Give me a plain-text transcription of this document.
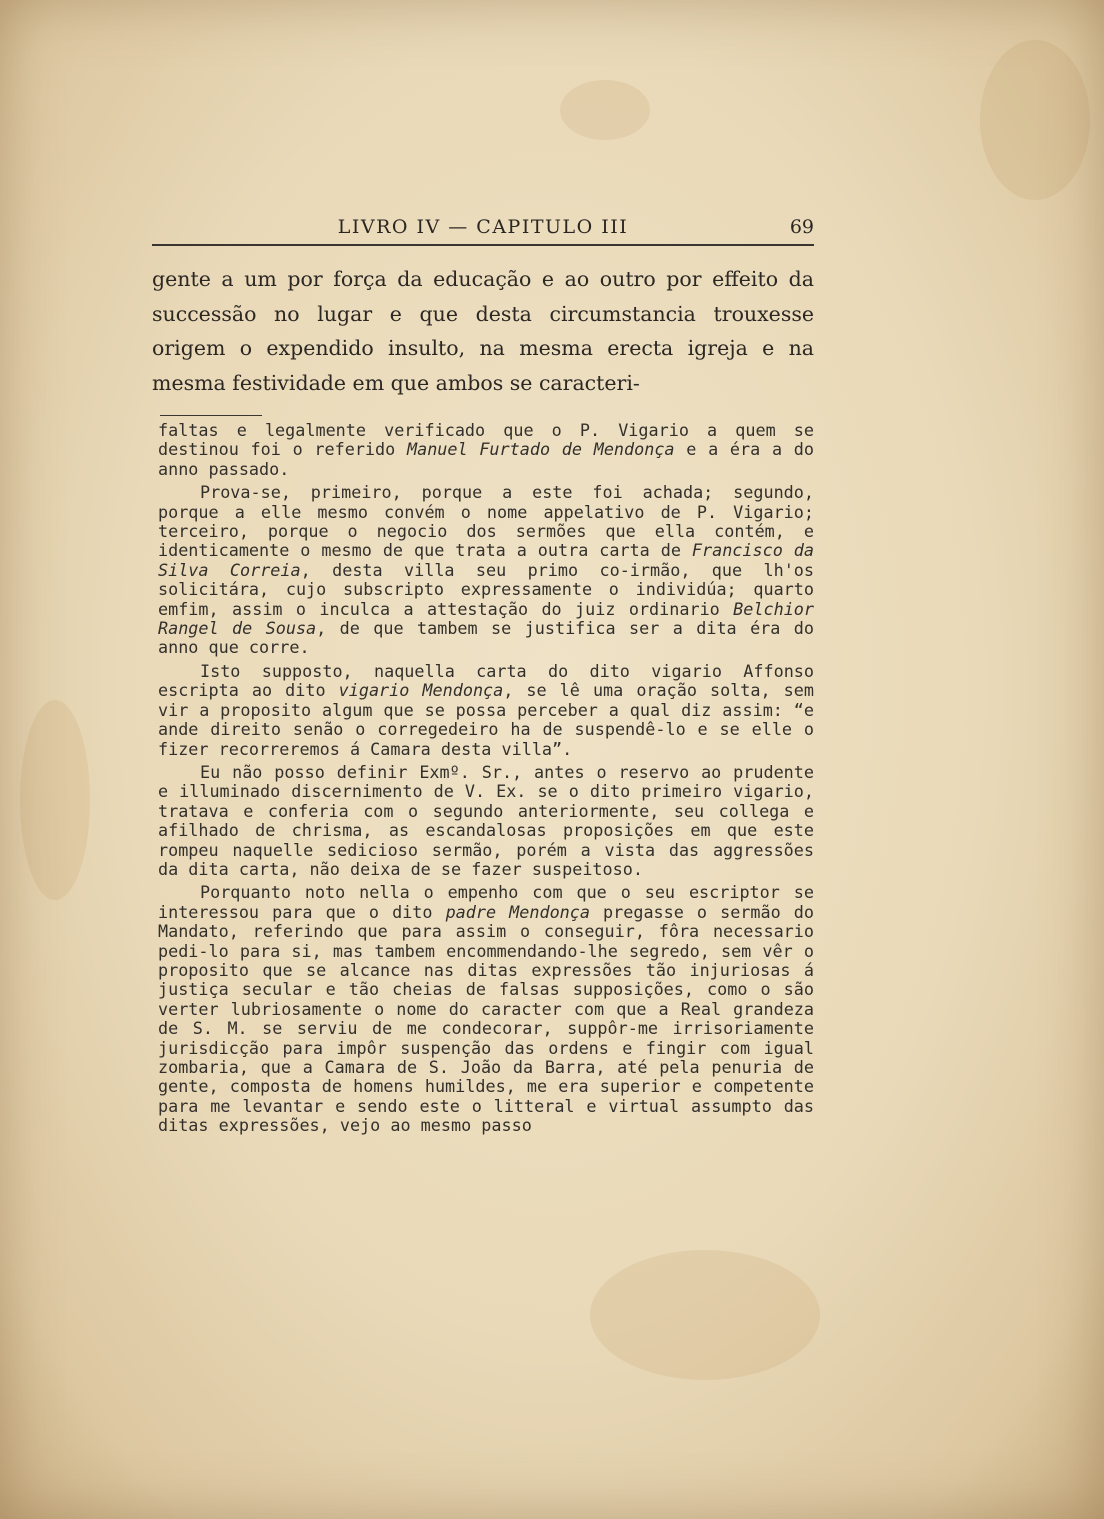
LIVRO IV — CAPITULO III	69

gente a um por força da educação e ao outro por effeito da successão no lugar e que desta circumstancia trouxesse origem o expendido insulto, na mesma erecta igreja e na mesma festividade em que ambos se caracteri-

faltas e legalmente verificado que o P. Vigario a quem se destinou foi o referido Manuel Furtado de Mendonça e a éra a do anno passado.

Prova-se, primeiro, porque a este foi achada; segundo, porque a elle mesmo convém o nome appelativo de P. Vigario; terceiro, porque o negocio dos sermões que ella contém, e identicamente o mesmo de que trata a outra carta de Francisco da Silva Correia, desta villa seu primo co-irmão, que lh'os solicitára, cujo subscripto expressamente o individúa; quarto emfim, assim o inculca a attestação do juiz ordinario Belchior Rangel de Sousa, de que tambem se justifica ser a dita éra do anno que corre.

Isto supposto, naquella carta do dito vigario Affonso escripta ao dito vigario Mendonça, se lê uma oração solta, sem vir a proposito algum que se possa perceber a qual diz assim: “e ande direito senão o corregedeiro ha de suspendê-lo e se elle o fizer recorreremos á Camara desta villa”.

Eu não posso definir Exmº. Sr., antes o reservo ao prudente e illuminado discernimento de V. Ex. se o dito primeiro vigario, tratava e conferia com o segundo anteriormente, seu collega e afilhado de chrisma, as escandalosas proposições em que este rompeu naquelle sedicioso sermão, porém a vista das aggressões da dita carta, não deixa de se fazer suspeitoso.

Porquanto noto nella o empenho com que o seu escriptor se interessou para que o dito padre Mendonça pregasse o sermão do Mandato, referindo que para assim o conseguir, fôra necessario pedi-lo para si, mas tambem encommendando-lhe segredo, sem vêr o proposito que se alcance nas ditas expressões tão injuriosas á justiça secular e tão cheias de falsas supposições, como o são verter lubriosamente o nome do caracter com que a Real grandeza de S. M. se serviu de me condecorar, suppôr-me irrisoriamente jurisdicção para impôr suspenção das ordens e fingir com igual zombaria, que a Camara de S. João da Barra, até pela penuria de gente, composta de homens humildes, me era superior e competente para me levantar e sendo este o litteral e virtual assumpto das ditas expressões, vejo ao mesmo passo
